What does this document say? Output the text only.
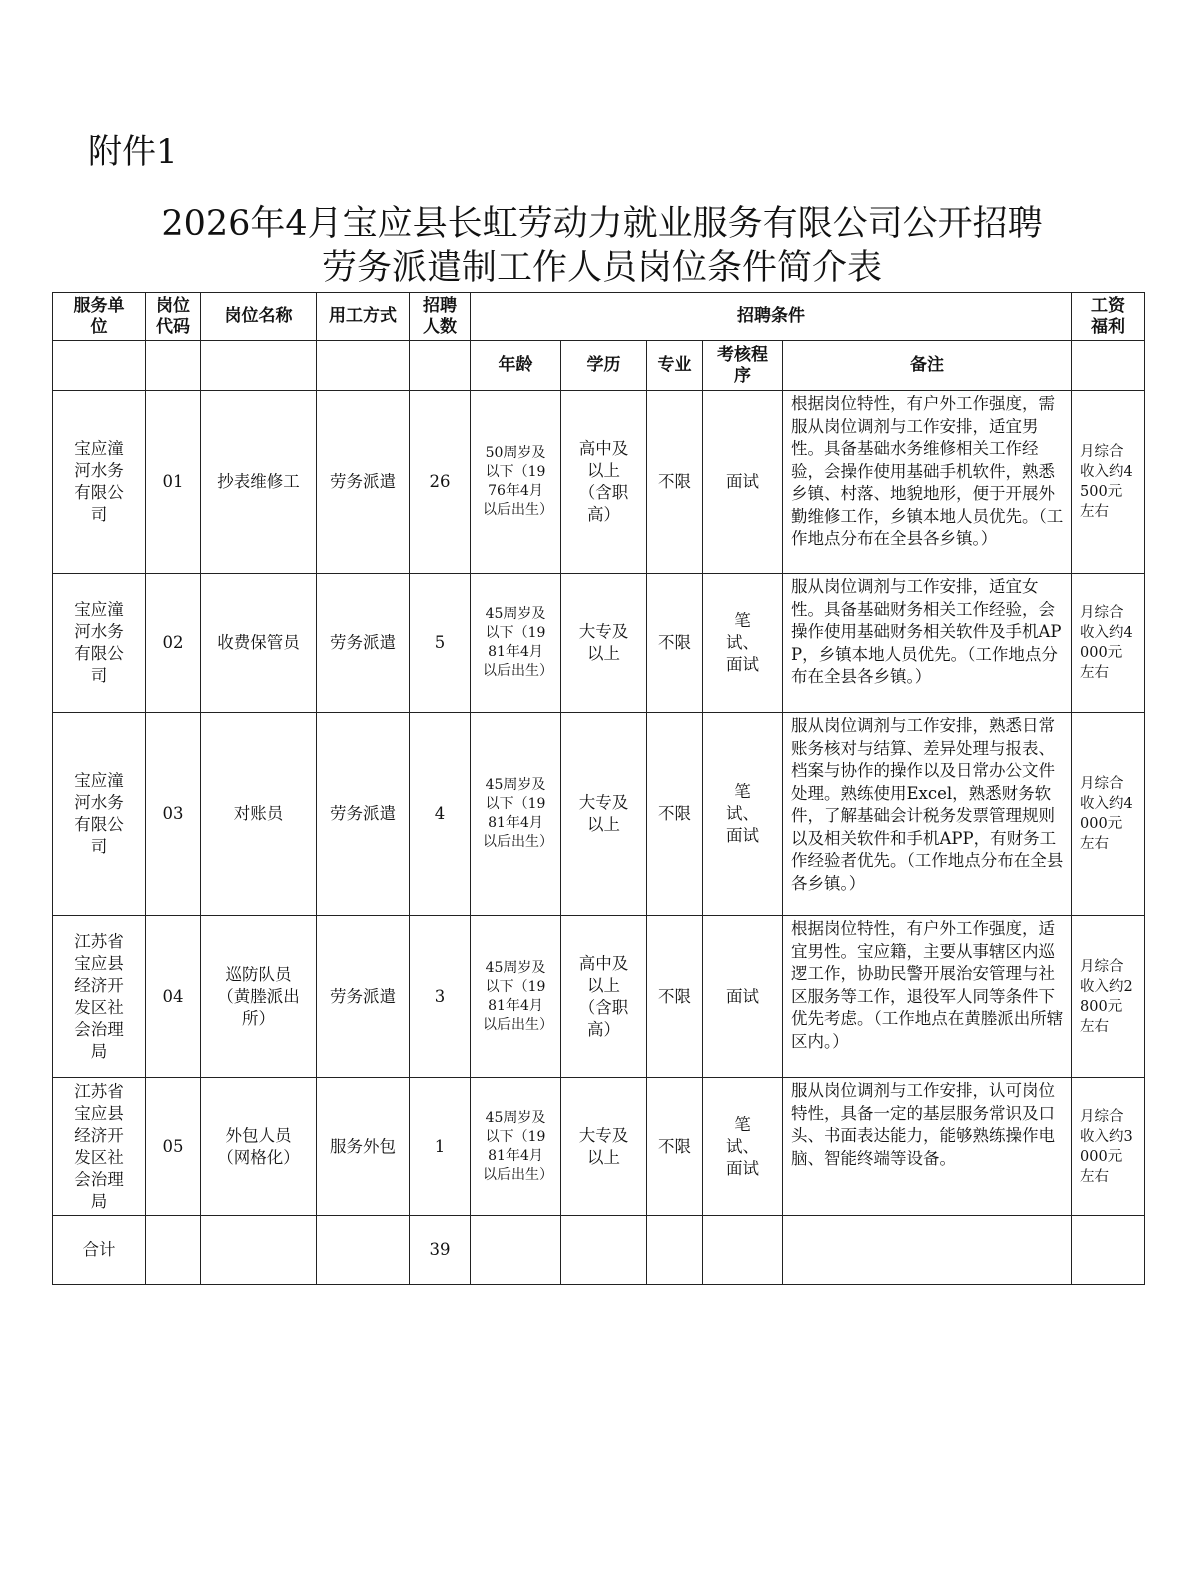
附件1
2026年4月宝应县长虹劳动力就业服务有限公司公开招聘
劳务派遣制工作人员岗位条件简介表
服务单位	岗位代码	岗位名称	用工方式	招聘人数	招聘条件					工资福利
					年龄	学历	专业	考核程序	备注	
宝应潼河水务有限公司	01	抄表维修工	劳务派遣	26	50周岁及以下（1976年4月以后出生）	高中及以上（含职高）	不限	面试	根据岗位特性，有户外工作强度，需服从岗位调剂与工作安排，适宜男性。具备基础水务维修相关工作经验，会操作使用基础手机软件，熟悉乡镇、村落、地貌地形，便于开展外勤维修工作，乡镇本地人员优先。（工作地点分布在全县各乡镇。）	月综合收入约4500元左右
宝应潼河水务有限公司	02	收费保管员	劳务派遣	5	45周岁及以下（1981年4月以后出生）	大专及以上	不限	笔试、面试	服从岗位调剂与工作安排，适宜女性。具备基础财务相关工作经验，会操作使用基础财务相关软件及手机APP，乡镇本地人员优先。（工作地点分布在全县各乡镇。）	月综合收入约4000元左右
宝应潼河水务有限公司	03	对账员	劳务派遣	4	45周岁及以下（1981年4月以后出生）	大专及以上	不限	笔试、面试	服从岗位调剂与工作安排，熟悉日常账务核对与结算、差异处理与报表、档案与协作的操作以及日常办公文件处理。熟练使用Excel，熟悉财务软件，了解基础会计税务发票管理规则以及相关软件和手机APP，有财务工作经验者优先。（工作地点分布在全县各乡镇。）	月综合收入约4000元左右
江苏省宝应县经济开发区社会治理局	04	巡防队员（黄塍派出所）	劳务派遣	3	45周岁及以下（1981年4月以后出生）	高中及以上（含职高）	不限	面试	根据岗位特性，有户外工作强度，适宜男性。宝应籍，主要从事辖区内巡逻工作，协助民警开展治安管理与社区服务等工作，退役军人同等条件下优先考虑。（工作地点在黄塍派出所辖区内。）	月综合收入约2800元左右
江苏省宝应县经济开发区社会治理局	05	外包人员（网格化）	服务外包	1	45周岁及以下（1981年4月以后出生）	大专及以上	不限	笔试、面试	服从岗位调剂与工作安排，认可岗位特性，具备一定的基层服务常识及口头、书面表达能力，能够熟练操作电脑、智能终端等设备。	月综合收入约3000元左右
合计				39						
